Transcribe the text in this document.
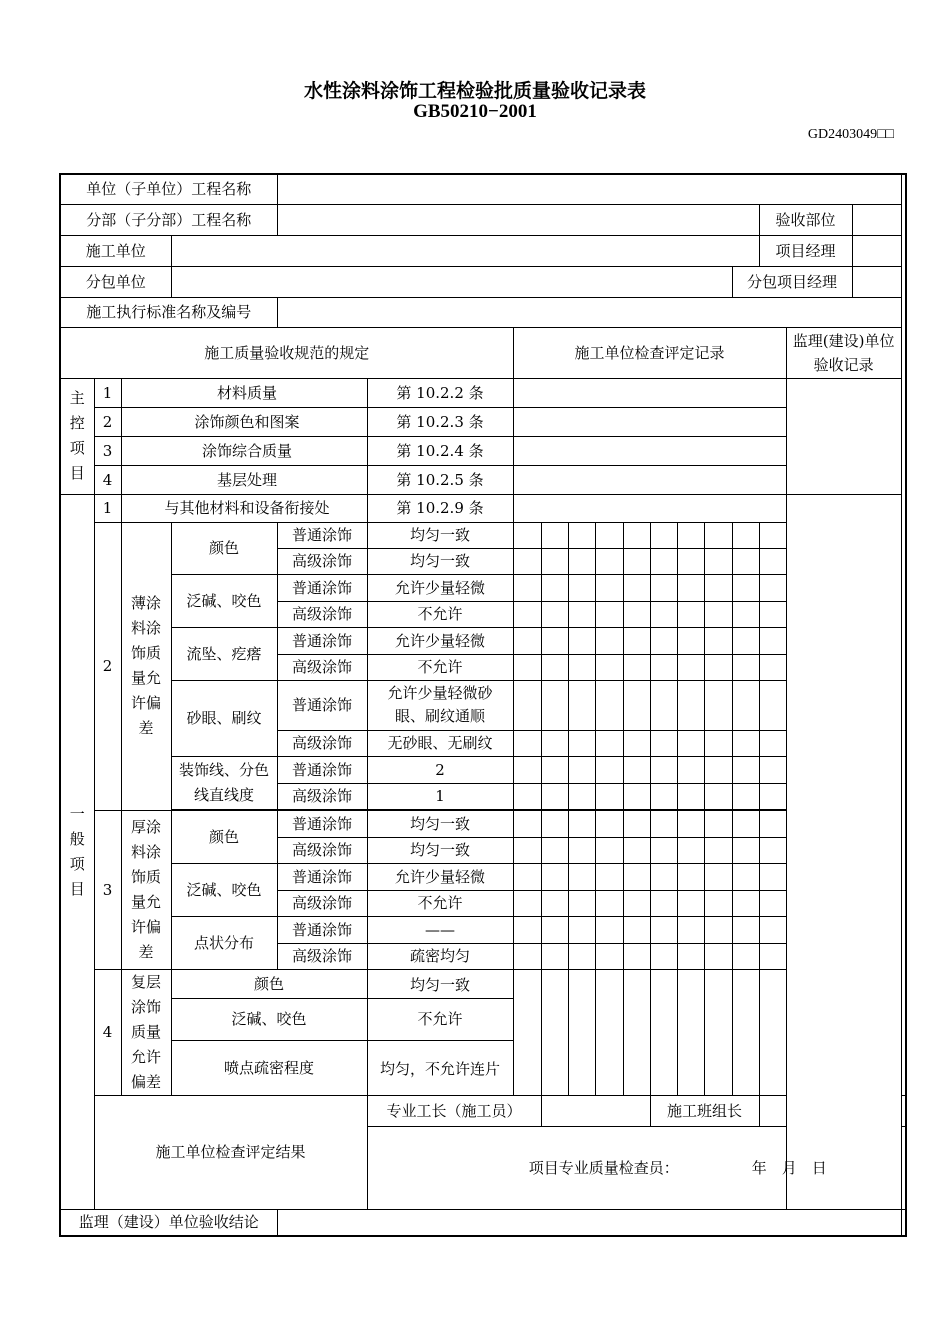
水性涂料涂饰工程检验批质量验收记录表
GB50210−2001
GD2403049□□
单位（子单位）工程名称	
分部（子分部）工程名称			验收部位	

施工单位			项目经理	

分包单位			分包项目经理	

施工执行标准名称及编号	
施工质量验收规范的规定	施工单位检查评定记录	监理(建设)单位验收记录
主控项目	1	材料质量	第 10.2.2 条		
2	涂饰颜色和图案	第 10.2.3 条	
3	涂饰综合质量	第 10.2.4 条	
4	基层处理	第 10.2.5 条	
一般项目	1	与其他材料和设备衔接处	第 10.2.9 条		
2	薄涂料涂饰质量允许偏差	颜色	普通涂饰	均匀一致										
高级涂饰	均匀一致										
泛碱、咬色	普通涂饰	允许少量轻微										
高级涂饰	不允许										
流坠、疙瘩	普通涂饰	允许少量轻微										
高级涂饰	不允许										
砂眼、刷纹	普通涂饰	允许少量轻微砂眼、刷纹通顺										
高级涂饰	无砂眼、无刷纹										
装饰线、分色线直线度	普通涂饰	2										
高级涂饰	1										

3	厚涂料涂饰质量允许偏差	颜色	普通涂饰	均匀一致										
高级涂饰	均匀一致										
泛碱、咬色	普通涂饰	允许少量轻微										
高级涂饰	不允许										
点状分布	普通涂饰	——										
高级涂饰	疏密均匀										
4	复层涂饰质量允许偏差	颜色	均匀一致										
泛碱、咬色	不允许
喷点疏密程度	均匀，不允许连片
施工单位检查评定结果	专业工长（施工员）		施工班组长	
项目专业质量检查员：	年　月　日
监理（建设）单位验收结论	
